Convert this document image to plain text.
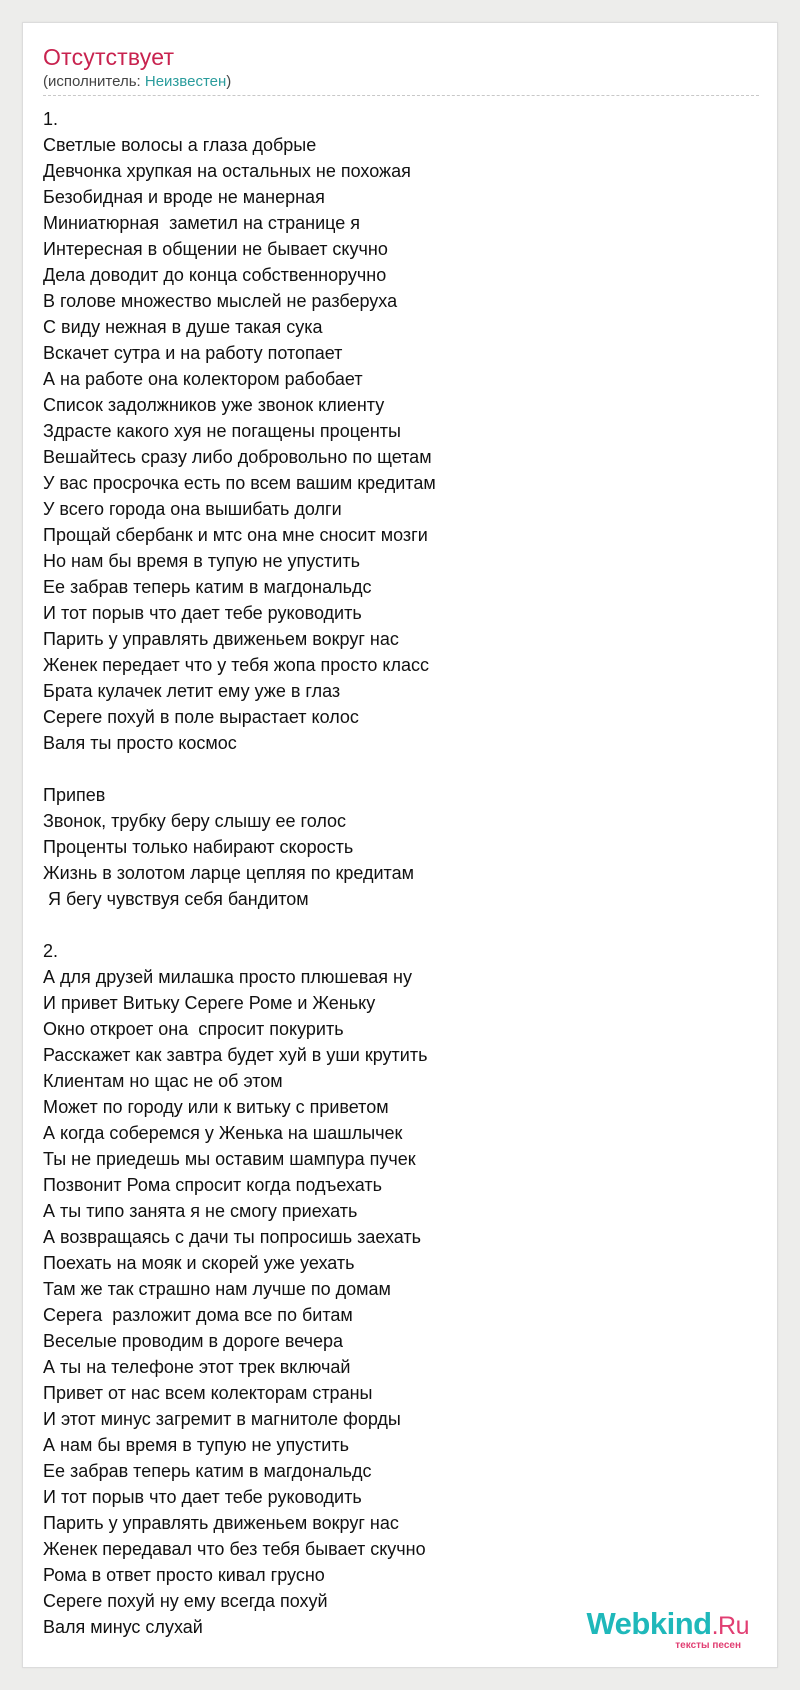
Отсутствует
(исполнитель: Неизвестен)
1.
Светлые волосы а глаза добрые
Девчонка хрупкая на остальных не похожая
Безобидная и вроде не манерная
Миниатюрная  заметил на странице я
Интересная в общении не бывает скучно
Дела доводит до конца собственноручно
В голове множество мыслей не разберуха
С виду нежная в душе такая сука
Вскачет сутра и на работу потопает
А на работе она колектором рабобает
Список задолжников уже звонок клиенту
Здрасте какого хуя не погащены проценты
Вешайтесь сразу либо добровольно по щетам
У вас просрочка есть по всем вашим кредитам
У всего города она вышибать долги
Прощай сбербанк и мтс она мне сносит мозги
Но нам бы время в тупую не упустить
Ее забрав теперь катим в магдональдс
И тот порыв что дает тебе руководить
Парить у управлять движеньем вокруг нас
Женек передает что у тебя жопа просто класс
Брата кулачек летит ему уже в глаз
Сереге похуй в поле вырастает колос
Валя ты просто космос
Припев
Звонок, трубку беру слышу ее голос
Проценты только набирают скорость
Жизнь в золотом ларце цепляя по кредитам
Я бегу чувствуя себя бандитом
2.
А для друзей милашка просто плюшевая ну
И привет Витьку Сереге Роме и Женьку
Окно откроет она  спросит покурить
Расскажет как завтра будет хуй в уши крутить
Клиентам но щас не об этом
Может по городу или к витьку с приветом
А когда соберемся у Женька на шашлычек
Ты не приедешь мы оставим шампура пучек
Позвонит Рома спросит когда подъехать
А ты типо занята я не смогу приехать
А возвращаясь с дачи ты попросишь заехать
Поехать на мояк и скорей уже уехать
Там же так страшно нам лучше по домам
Серега  разложит дома все по битам
Веселые проводим в дороге вечера
А ты на телефоне этот трек включай
Привет от нас всем колекторам страны
И этот минус загремит в магнитоле форды
А нам бы время в тупую не упустить
Ее забрав теперь катим в магдональдс
И тот порыв что дает тебе руководить
Парить у управлять движеньем вокруг нас
Женек передавал что без тебя бывает скучно
Рома в ответ просто кивал грусно
Сереге похуй ну ему всегда похуй
Валя минус слухай	Webkind.Ru
тексты песен
